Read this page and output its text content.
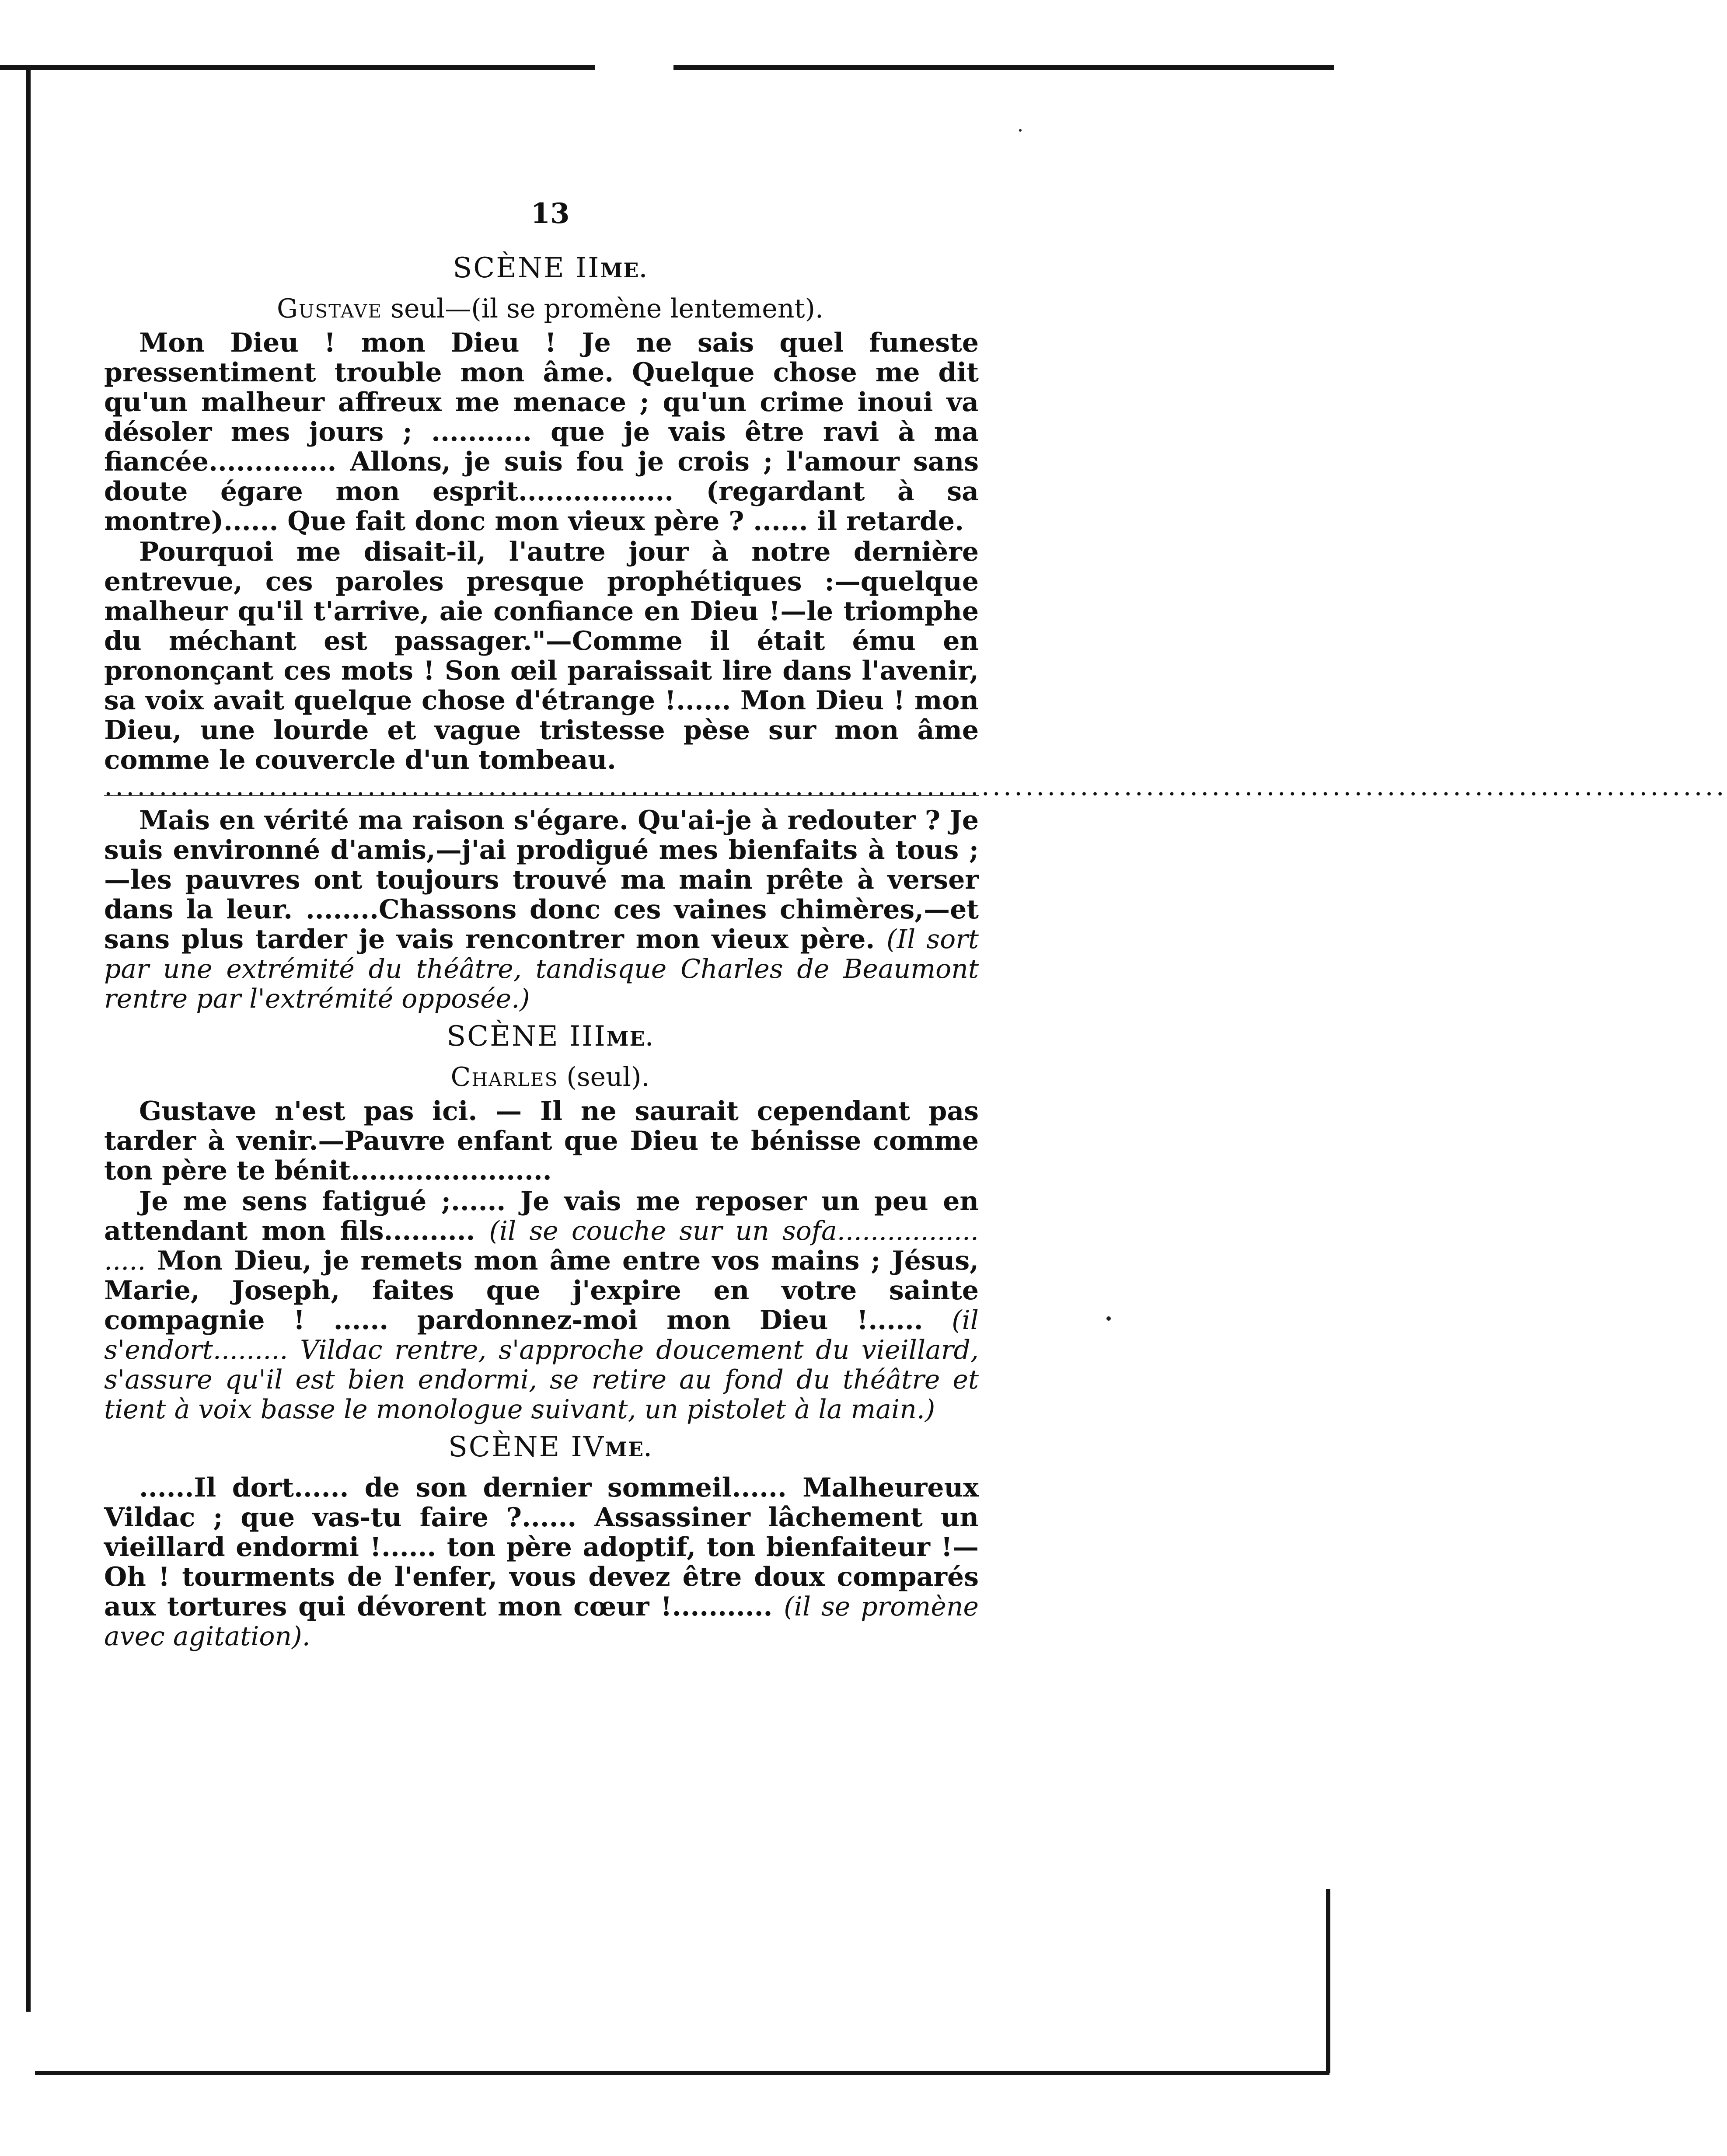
13
SCÈNE IIME.
Gustave seul—(il se promène lentement).

Mon Dieu ! mon Dieu ! Je ne sais quel funeste pressentiment trouble mon âme. Quelque chose me dit qu'un malheur affreux me menace ; qu'un crime inoui va désoler mes jours ; ........... que je vais être ravi à ma fiancée.............. Allons, je suis fou je crois ; l'amour sans doute égare mon esprit................. (regardant à sa montre)...... Que fait donc mon vieux père ? ...... il retarde.

Pourquoi me disait-il, l'autre jour à notre dernière entrevue, ces paroles presque prophétiques :—quelque malheur qu'il t'arrive, aie confiance en Dieu !—le triomphe du méchant est passager."—Comme il était ému en prononçant ces mots ! Son œil paraissait lire dans l'avenir, sa voix avait quelque chose d'étrange !...... Mon Dieu ! mon Dieu, une lourde et vague tristesse pèse sur mon âme comme le couvercle d'un tombeau.

....................................................................................................................................................

Mais en vérité ma raison s'égare. Qu'ai-je à redouter ? Je suis environné d'amis,—j'ai prodigué mes bienfaits à tous ;—les pauvres ont toujours trouvé ma main prête à verser dans la leur. ........Chassons donc ces vaines chimères,—et sans plus tarder je vais rencontrer mon vieux père. (Il sort par une extrémité du théâtre, tandisque Charles de Beaumont rentre par l'extrémité opposée.)

SCÈNE IIIME.
Charles (seul).

Gustave n'est pas ici. — Il ne saurait cependant pas tarder à venir.—Pauvre enfant que Dieu te bénisse comme ton père te bénit......................

Je me sens fatigué ;...... Je vais me reposer un peu en attendant mon fils.......... (il se couche sur un sofa................. ..... Mon Dieu, je remets mon âme entre vos mains ; Jésus, Marie, Joseph, faites que j'expire en votre sainte compagnie ! ...... pardonnez-moi mon Dieu !...... (il s'endort......... Vildac rentre, s'approche doucement du vieillard, s'assure qu'il est bien endormi, se retire au fond du théâtre et tient à voix basse le monologue suivant, un pistolet à la main.)

SCÈNE IVME.

......Il dort...... de son dernier sommeil...... Malheureux Vildac ; que vas-tu faire ?...... Assassiner lâchement un vieillard endormi !...... ton père adoptif, ton bienfaiteur !—Oh ! tourments de l'enfer, vous devez être doux comparés aux tortures qui dévorent mon cœur !........... (il se promène avec agitation).
